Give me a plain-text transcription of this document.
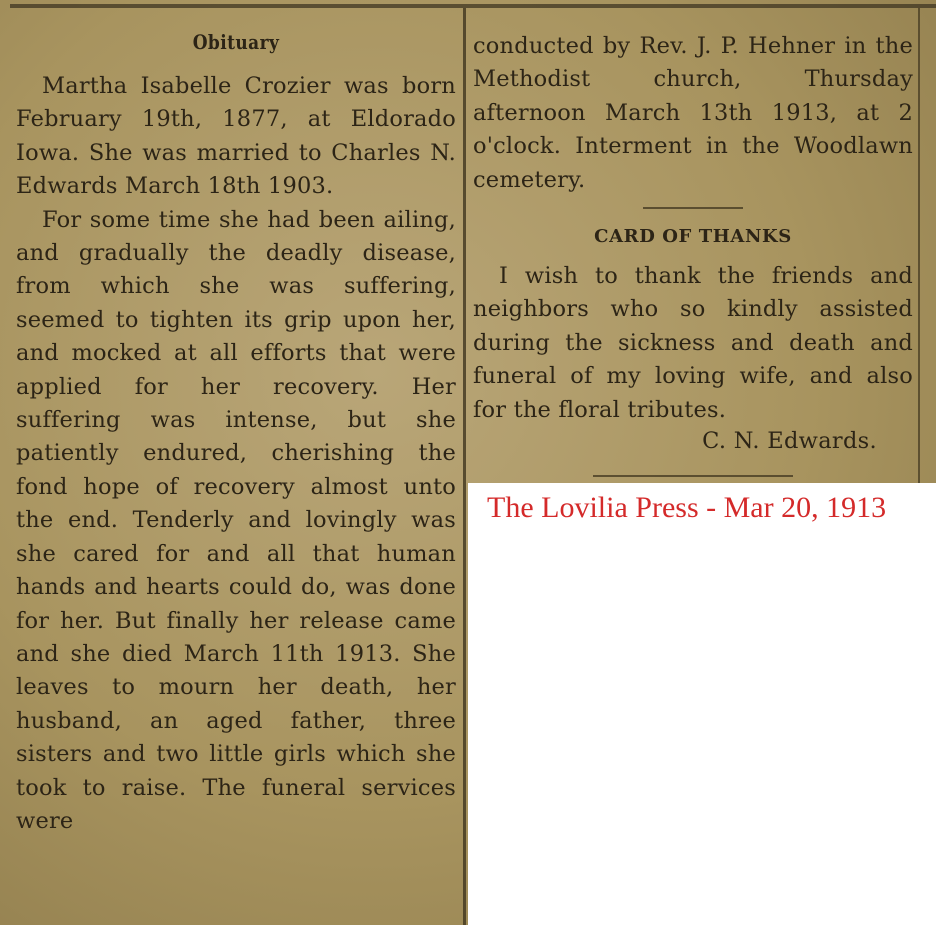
Obituary

Martha Isabelle Crozier was born February 19th, 1877, at Eldorado Iowa. She was married to Charles N. Edwards March 18th 1903.

For some time she had been ailing, and gradually the deadly disease, from which she was suffering, seemed to tighten its grip upon her, and mocked at all efforts that were applied for her recovery. Her suffering was intense, but she patiently endured, cherishing the fond hope of recovery almost unto the end. Tenderly and lovingly was she cared for and all that human hands and hearts could do, was done for her. But finally her release came and she died March 11th 1913. She leaves to mourn her death, her husband, an aged father, three sisters and two little girls which she took to raise. The funeral services were

conducted by Rev. J. P. Hehner in the Methodist church, Thursday afternoon March 13th 1913, at 2 o'clock. Interment in the Woodlawn cemetery.

CARD OF THANKS

I wish to thank the friends and neighbors who so kindly assisted during the sickness and death and funeral of my loving wife, and also for the floral tributes.

C. N. Edwards.
The Lovilia Press - Mar 20, 1913
